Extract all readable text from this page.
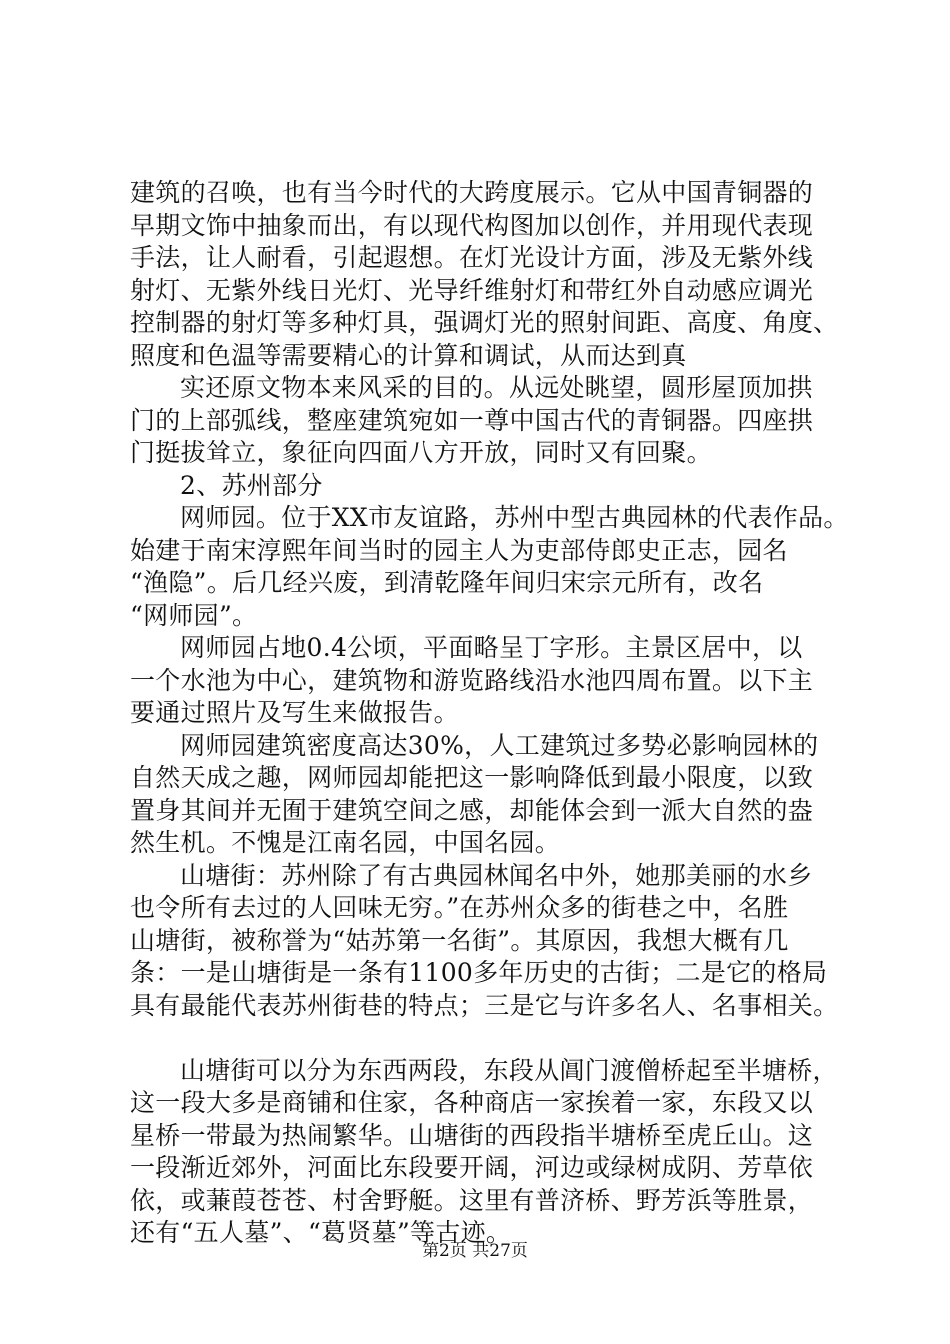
建筑的召唤，也有当今时代的大跨度展示。它从中国青铜器的
早期文饰中抽象而出，有以现代构图加以创作，并用现代表现
手法，让人耐看，引起遐想。在灯光设计方面，涉及无紫外线
射灯、无紫外线日光灯、光导纤维射灯和带红外自动感应调光
控制器的射灯等多种灯具，强调灯光的照射间距、高度、角度、
照度和色温等需要精心的计算和调试，从而达到真
实还原文物本来风采的目的。从远处眺望，圆形屋顶加拱
门的上部弧线，整座建筑宛如一尊中国古代的青铜器。四座拱
门挺拔耸立，象征向四面八方开放，同时又有回聚。
2、苏州部分
网师园。位于XX市友谊路，苏州中型古典园林的代表作品。
始建于南宋淳熙年间当时的园主人为吏部侍郎史正志，园名
“渔隐”。后几经兴废，到清乾隆年间归宋宗元所有，改名
“网师园”。
网师园占地0.4公顷，平面略呈丁字形。主景区居中，以
一个水池为中心，建筑物和游览路线沿水池四周布置。以下主
要通过照片及写生来做报告。
网师园建筑密度高达30%，人工建筑过多势必影响园林的
自然天成之趣，网师园却能把这一影响降低到最小限度，以致
置身其间并无囿于建筑空间之感，却能体会到一派大自然的盎
然生机。不愧是江南名园，中国名园。
山塘街：苏州除了有古典园林闻名中外，她那美丽的水乡
也令所有去过的人回味无穷。”在苏州众多的街巷之中，名胜
山塘街，被称誉为“姑苏第一名街”。其原因，我想大概有几
条：一是山塘街是一条有1100多年历史的古街；二是它的格局
具有最能代表苏州街巷的特点；三是它与许多名人、名事相关。
山塘街可以分为东西两段，东段从阊门渡僧桥起至半塘桥，
这一段大多是商铺和住家，各种商店一家挨着一家，东段又以
星桥一带最为热闹繁华。山塘街的西段指半塘桥至虎丘山。这
一段渐近郊外，河面比东段要开阔，河边或绿树成阴、芳草依
依，或蒹葭苍苍、村舍野艇。这里有普济桥、野芳浜等胜景，
还有“五人墓”、“葛贤墓”等古迹。
第2页 共27页
